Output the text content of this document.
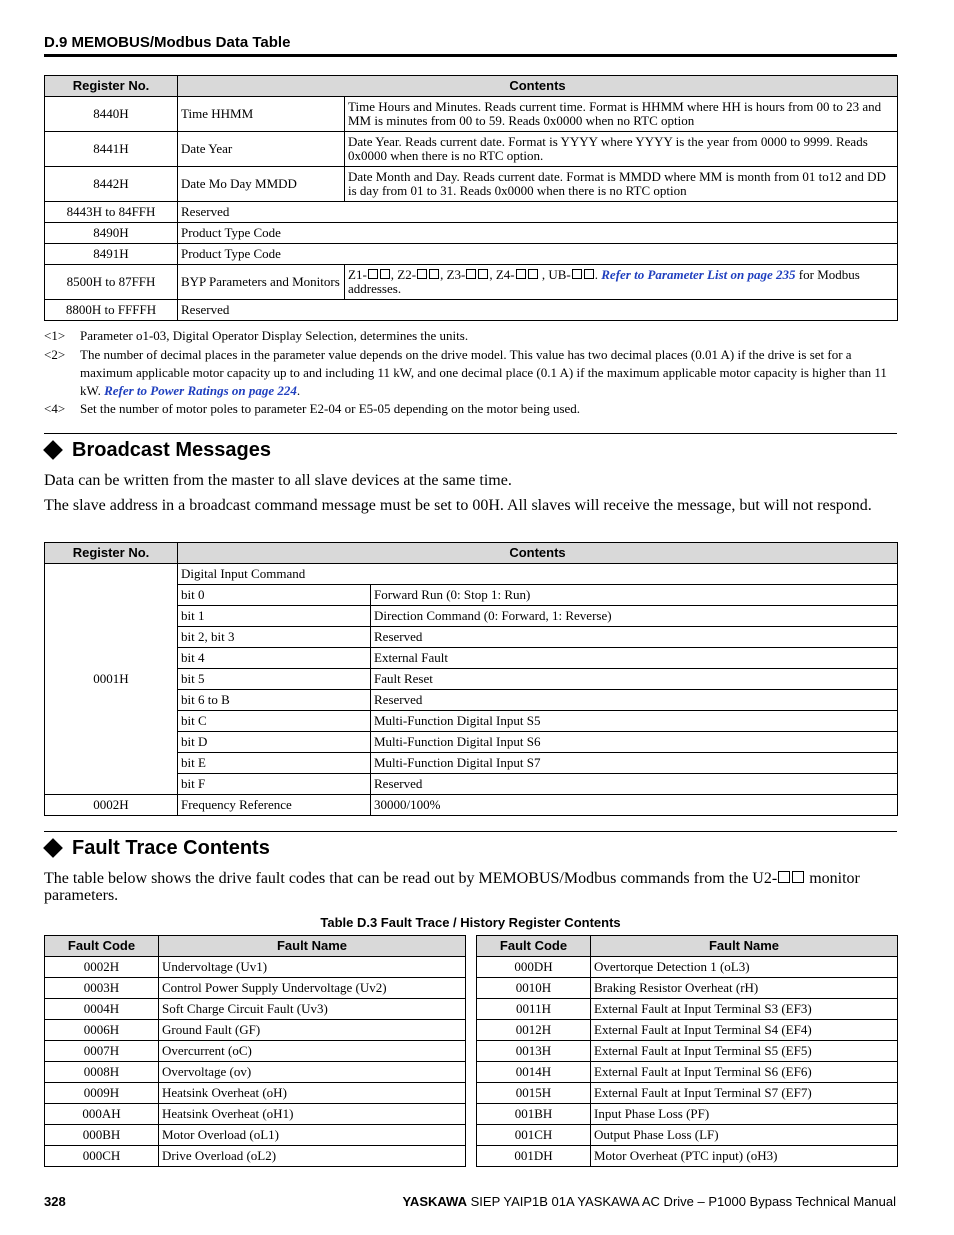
D.9 MEMOBUS/Modbus Data Table
Register No.	Contents	
8440H	Time HHMM	Time Hours and Minutes. Reads current time. Format is HHMM where HH is hours from 00 to 23 and MM is minutes from 00 to 59. Reads 0x0000 when no RTC option
8441H	Date Year	Date Year. Reads current date. Format is YYYY where YYYY is the year from 0000 to 9999. Reads 0x0000 when there is no RTC option.
8442H	Date Mo Day MMDD	Date Month and Day. Reads current date. Format is MMDD where MM is month from 01 to12 and DD is day from 01 to 31. Reads 0x0000 when there is no RTC option
8443H to 84FFH	Reserved	
8490H	Product Type Code	
8491H	Product Type Code	
8500H to 87FFH	BYP Parameters and Monitors	Z1- , Z2- , Z3- , Z4- , UB- . Refer to Parameter List on page 235 for Modbus addresses.
8800H to FFFFH	Reserved	
<1> Parameter o1-03, Digital Operator Display Selection, determines the units.
<2> The number of decimal places in the parameter value depends on the drive model. This value has two decimal places (0.01 A) if the drive is set for a maximum applicable motor capacity up to and including 11 kW, and one decimal place (0.1 A) if the maximum applicable motor capacity is higher than 11 kW. Refer to Power Ratings on page 224.
<4> Set the number of motor poles to parameter E2-04 or E5-05 depending on the motor being used.
Broadcast Messages
Data can be written from the master to all slave devices at the same time.
The slave address in a broadcast command message must be set to 00H. All slaves will receive the message, but will not respond.
Register No.	Contents	
0001H	Digital Input Command	
	bit 0	Forward Run (0: Stop 1: Run)
	bit 1	Direction Command (0: Forward, 1: Reverse)
	bit 2, bit 3	Reserved
	bit 4	External Fault
	bit 5	Fault Reset
	bit 6 to B	Reserved
	bit C	Multi-Function Digital Input S5
	bit D	Multi-Function Digital Input S6
	bit E	Multi-Function Digital Input S7
	bit F	Reserved
0002H	Frequency Reference	30000/100%
Fault Trace Contents
The table below shows the drive fault codes that can be read out by MEMOBUS/Modbus commands from the U2- monitor parameters.
Table D.3 Fault Trace / History Register Contents
Fault Code	Fault Name
0002H	Undervoltage (Uv1)
0003H	Control Power Supply Undervoltage (Uv2)
0004H	Soft Charge Circuit Fault (Uv3)
0006H	Ground Fault (GF)
0007H	Overcurrent (oC)
0008H	Overvoltage (ov)
0009H	Heatsink Overheat (oH)
000AH	Heatsink Overheat (oH1)
000BH	Motor Overload (oL1)
000CH	Drive Overload (oL2)
Fault Code	Fault Name
000DH	Overtorque Detection 1 (oL3)
0010H	Braking Resistor Overheat (rH)
0011H	External Fault at Input Terminal S3 (EF3)
0012H	External Fault at Input Terminal S4 (EF4)
0013H	External Fault at Input Terminal S5 (EF5)
0014H	External Fault at Input Terminal S6 (EF6)
0015H	External Fault at Input Terminal S7 (EF7)
001BH	Input Phase Loss (PF)
001CH	Output Phase Loss (LF)
001DH	Motor Overheat (PTC input) (oH3)
328	YASKAWA SIEP YAIP1B 01A YASKAWA AC Drive – P1000 Bypass Technical Manual
